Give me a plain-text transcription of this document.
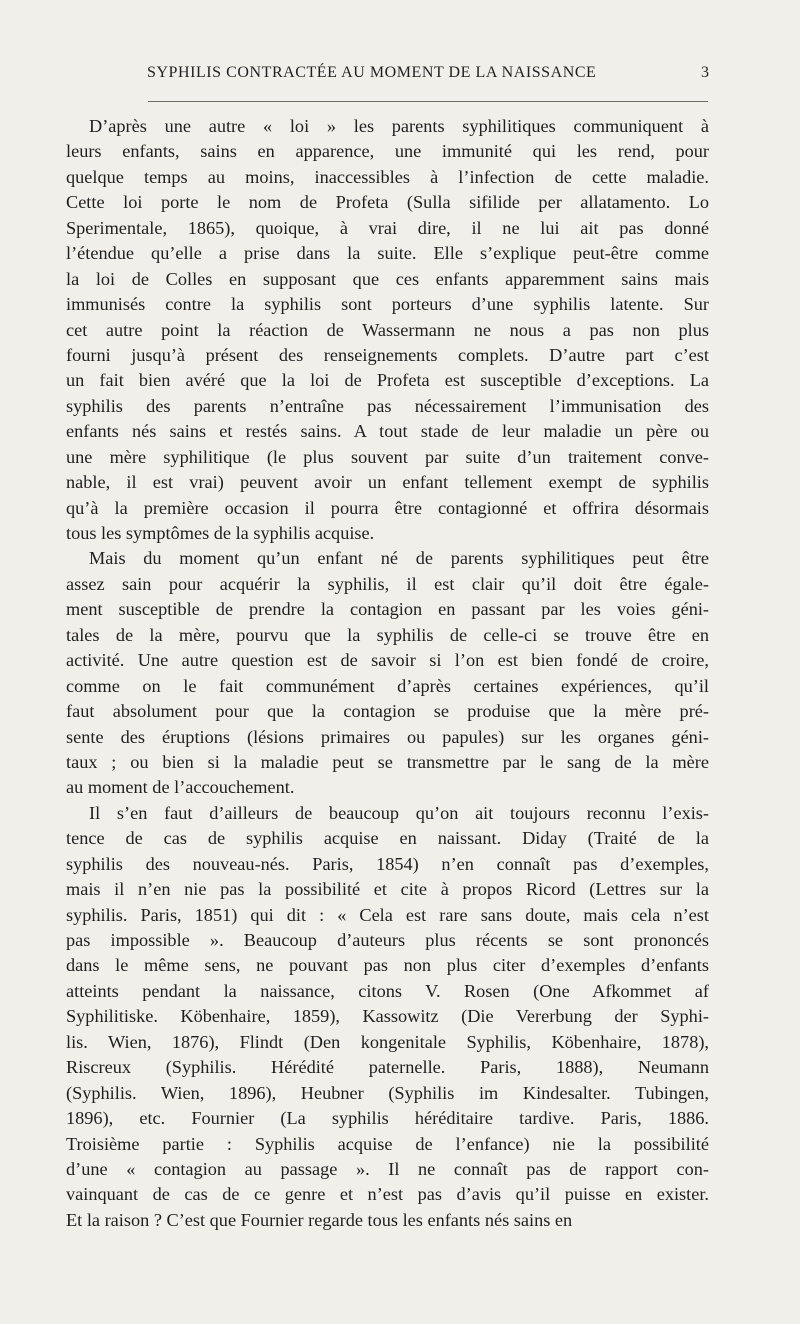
SYPHILIS CONTRACTÉE AU MOMENT DE LA NAISSANCE	3
D’après une autre « loi » les parents syphilitiques communiquent à
leurs enfants, sains en apparence, une immunité qui les rend, pour
quelque temps au moins, inaccessibles à l’infection de cette maladie.
Cette loi porte le nom de Profeta (Sulla sifilide per allatamento. Lo
Sperimentale, 1865), quoique, à vrai dire, il ne lui ait pas donné
l’étendue qu’elle a prise dans la suite. Elle s’explique peut-être comme
la loi de Colles en supposant que ces enfants apparemment sains mais
immunisés contre la syphilis sont porteurs d’une syphilis latente. Sur
cet autre point la réaction de Wassermann ne nous a pas non plus
fourni jusqu’à présent des renseignements complets. D’autre part c’est
un fait bien avéré que la loi de Profeta est susceptible d’exceptions. La
syphilis des parents n’entraîne pas nécessairement l’immunisation des
enfants nés sains et restés sains. A tout stade de leur maladie un père ou
une mère syphilitique (le plus souvent par suite d’un traitement conve-
nable, il est vrai) peuvent avoir un enfant tellement exempt de syphilis
qu’à la première occasion il pourra être contagionné et offrira désormais
tous les symptômes de la syphilis acquise.
Mais du moment qu’un enfant né de parents syphilitiques peut être
assez sain pour acquérir la syphilis, il est clair qu’il doit être égale-
ment susceptible de prendre la contagion en passant par les voies géni-
tales de la mère, pourvu que la syphilis de celle-ci se trouve être en
activité. Une autre question est de savoir si l’on est bien fondé de croire,
comme on le fait communément d’après certaines expériences, qu’il
faut absolument pour que la contagion se produise que la mère pré-
sente des éruptions (lésions primaires ou papules) sur les organes géni-
taux ; ou bien si la maladie peut se transmettre par le sang de la mère
au moment de l’accouchement.
Il s’en faut d’ailleurs de beaucoup qu’on ait toujours reconnu l’exis-
tence de cas de syphilis acquise en naissant. Diday (Traité de la
syphilis des nouveau-nés. Paris, 1854) n’en connaît pas d’exemples,
mais il n’en nie pas la possibilité et cite à propos Ricord (Lettres sur la
syphilis. Paris, 1851) qui dit : « Cela est rare sans doute, mais cela n’est
pas impossible ». Beaucoup d’auteurs plus récents se sont prononcés
dans le même sens, ne pouvant pas non plus citer d’exemples d’enfants
atteints pendant la naissance, citons V. Rosen (One Afkommet af
Syphilitiske. Köbenhaire, 1859), Kassowitz (Die Vererbung der Syphi-
lis. Wien, 1876), Flindt (Den kongenitale Syphilis, Köbenhaire, 1878),
Riscreux (Syphilis. Hérédité paternelle. Paris, 1888), Neumann
(Syphilis. Wien, 1896), Heubner (Syphilis im Kindesalter. Tubingen,
1896), etc. Fournier (La syphilis héréditaire tardive. Paris, 1886.
Troisième partie : Syphilis acquise de l’enfance) nie la possibilité
d’une « contagion au passage ». Il ne connaît pas de rapport con-
vainquant de cas de ce genre et n’est pas d’avis qu’il puisse en exister.
Et la raison ? C’est que Fournier regarde tous les enfants nés sains en
